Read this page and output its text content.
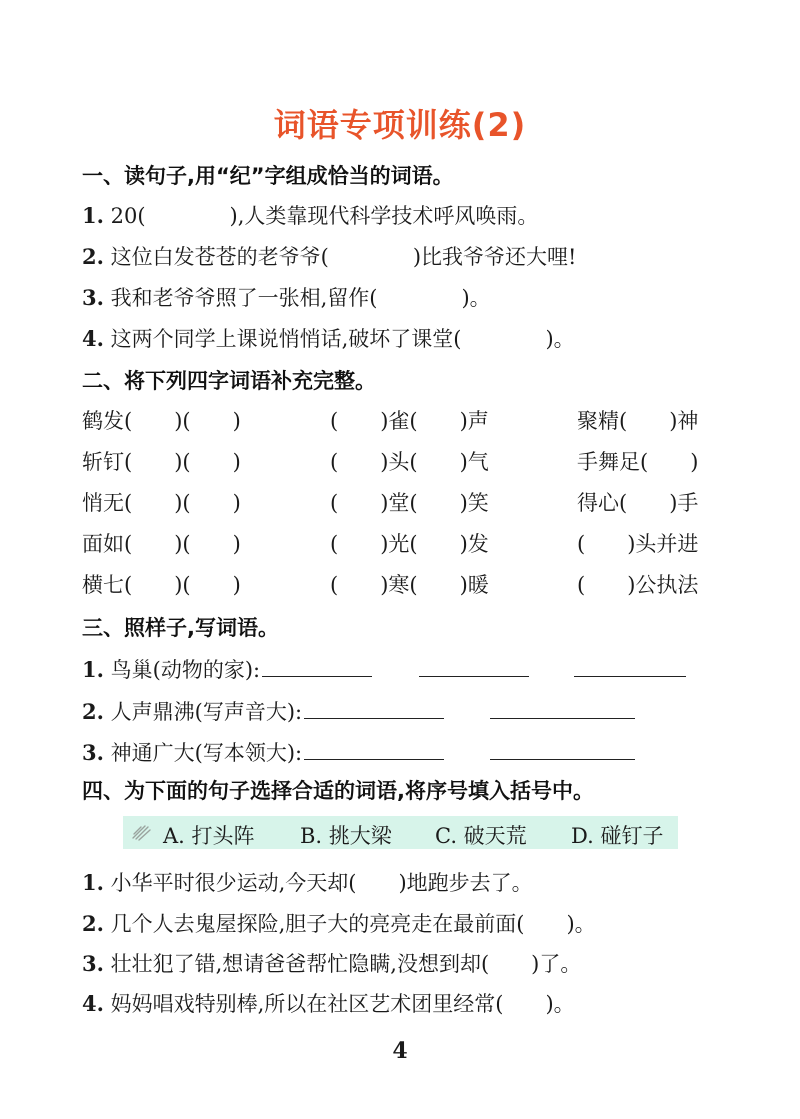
词语专项训练(2)
一、读句子,用“纪”字组成恰当的词语。
1. 20(　　　　),人类靠现代科学技术呼风唤雨。
2. 这位白发苍苍的老爷爷(　　　　)比我爷爷还大哩!
3. 我和老爷爷照了一张相,留作(　　　　)。
4. 这两个同学上课说悄悄话,破坏了课堂(　　　　)。
二、将下列四字词语补充完整。
鹤发(　　)(　　)	(　　)雀(　　)声	聚精(　　)神
斩钉(　　)(　　)	(　　)头(　　)气	手舞足(　　)
悄无(　　)(　　)	(　　)堂(　　)笑	得心(　　)手
面如(　　)(　　)	(　　)光(　　)发	(　　)头并进
横七(　　)(　　)	(　　)寒(　　)暖	(　　)公执法
三、照样子,写词语。
1. 鸟巢(动物的家):
2. 人声鼎沸(写声音大):
3. 神通广大(写本领大):
四、为下面的句子选择合适的词语,将序号填入括号中。
A. 打头阵 B. 挑大梁 C. 破天荒 D. 碰钉子
1. 小华平时很少运动,今天却(　　)地跑步去了。
2. 几个人去鬼屋探险,胆子大的亮亮走在最前面(　　)。
3. 壮壮犯了错,想请爸爸帮忙隐瞒,没想到却(　　)了。
4. 妈妈唱戏特别棒,所以在社区艺术团里经常(　　)。
4
